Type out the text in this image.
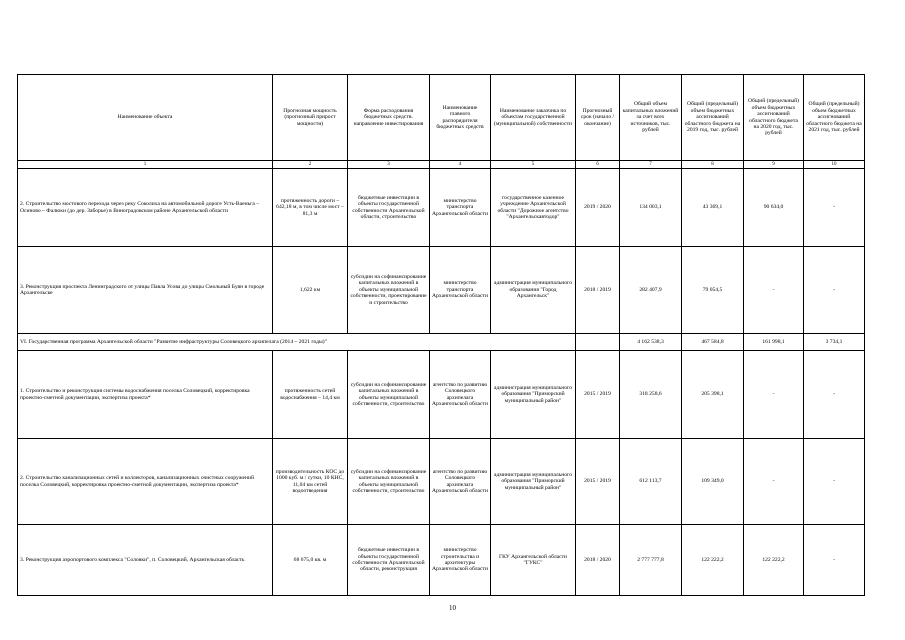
Наименование объекта	Прогнозная мощность (прогнозный прирост мощности)	Форма расходования бюджетных средств. направление инвестирования	Наименование главного распорядителя бюджетных средств	Наименование заказчика по объектам государственной (муниципальной) собственности	Прогнозный срок (начало / окончание)	Общий объем капитальных вложений за счет всех источников, тыс. рублей	Общий (предельный) объем бюджетных ассигнований областного бюджета на 2019 год, тыс. рублей	Общий (предельный) объем бюджетных ассигнований областного бюджета на 2020 год, тыс. рублей	Общий (предельный) объем бюджетных ассигнований областного бюджета на 2021 год, тыс. рублей
1	2	3	4	5	6	7	8	9	10
2. Строительство мостового перехода через реку Соколиха на автомобильной дороге Усть-Ваеньга – Осиново – Фалюки (до дер. Заборье) в Виноградовском районе Архангельской области	протяженность дороги – 642,18 м, в том числе мост – 81,3 м	бюджетные инвестиции в объекты государственной собственности Архангельской области, строительство	министерство транспорта Архангельской области	государственное казенное учреждение Архангельской области "Дорожное агентство "Архангельскавтодор"	2019 / 2020	134 003,1	43 369,1	90 634,0	-
3. Реконструкция проспекта Ленинградского от улицы Павла Усова до улицы Смольный Буян в городе Архангельске	1,622 км	субсидии на софинансирование капитальных вложений в объекты муниципальной собственности, проектирование и строительство	министерство транспорта Архангельской области	администрация муниципального образования "Город Архангельск"	2018 / 2019	282 407,9	79 054,5	-	-
VI. Государственная программа Архангельской области "Развитие инфраструктуры Соловецкого архипелага (2014 – 2021 годы)"						4 162 538,3	467 584,8	161 998,1	3 734,1
1. Строительство и реконструкция системы водоснабжения поселка Соловецкий, корректировка проектно-сметной документации, экспертиза проекта*	протяженность сетей водоснабжения – 14,4 км	субсидии на софинансирование капитальных вложений в объекты муниципальной собственности, строительство	агентство по развитию Соловецкого архипелага Архангельской области	администрация муниципального образования "Приморский муниципальный район"	2015 / 2019	318 258,6	205 398,1	-	-
2. Строительство канализационных сетей и коллекторов, канализационных очистных сооружений поселка Соловецкий, корректировка проектно-сметной документации, экспертиза проекта*	производительность КОС до 1000 куб. м / сутки, 10 КНС, 11,04 км сетей водоотведения	субсидии на софинансирование капитальных вложений в объекты муниципальной собственности, строительство	агентство по развитию Соловецкого архипелага Архангельской области	администрация муниципального образования "Приморский муниципальный район"	2015 / 2019	612 113,7	109 349,0	-	-
3. Реконструкция аэропортового комплекса "Соловки", п. Соловецкий, Архангельская область	68 675,0 кв. м	бюджетные инвестиции в объекты государственной собственности Архангельской области, реконструкция	министерство строительства и архитектуры Архангельской области	ГКУ Архангельской области "ГУКС"	2018 / 2020	2 777 777,8	122 222,2	122 222,2	-
10
